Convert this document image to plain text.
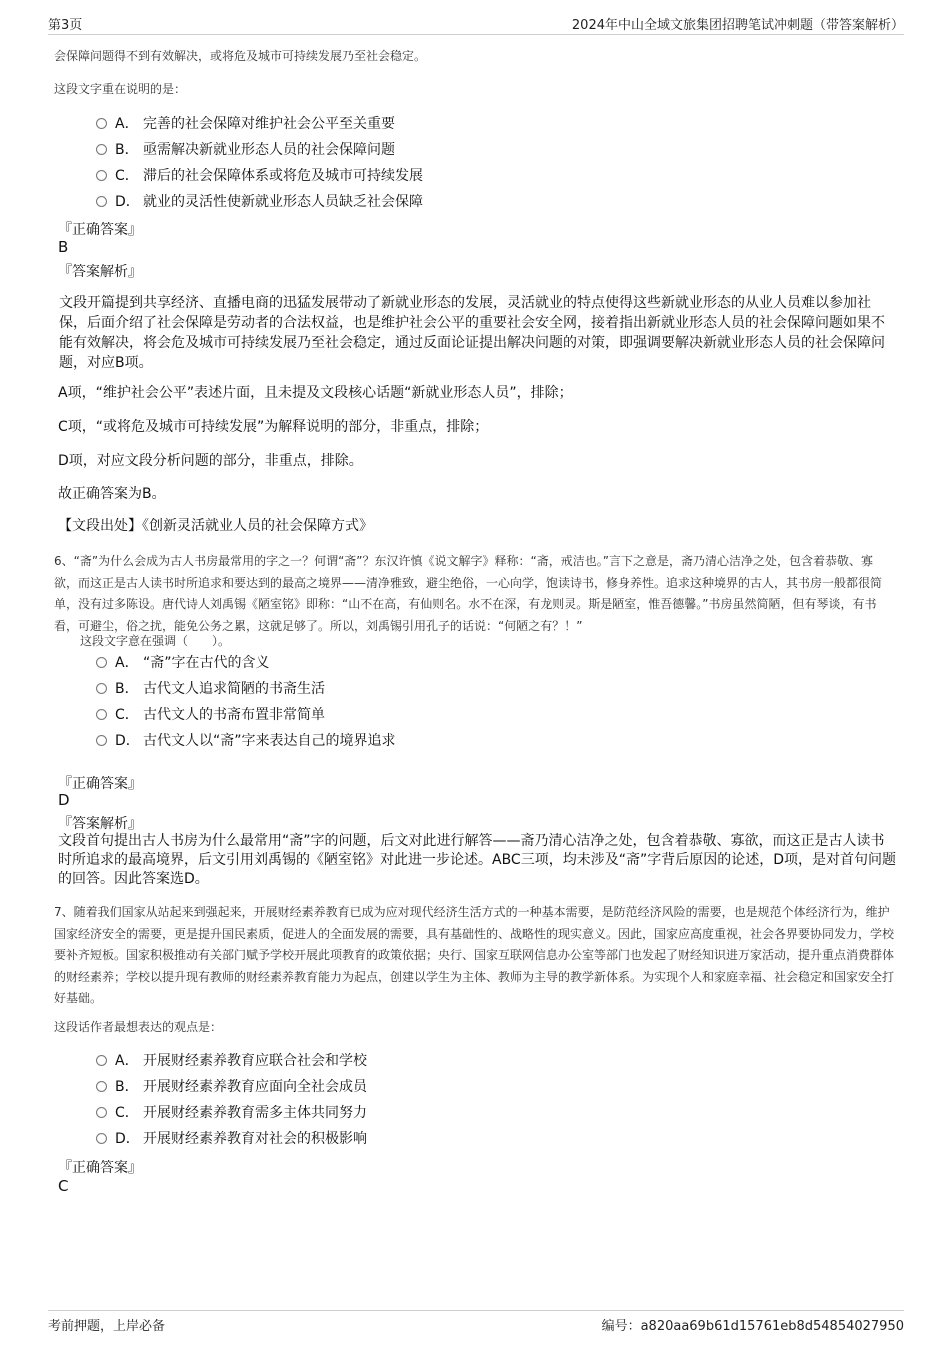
第3页	2024年中山全域文旅集团招聘笔试冲刺题（带答案解析）
会保障问题得不到有效解决，或将危及城市可持续发展乃至社会稳定。
这段文字重在说明的是：
A． 完善的社会保障对维护社会公平至关重要
B． 亟需解决新就业形态人员的社会保障问题
C． 滞后的社会保障体系或将危及城市可持续发展
D． 就业的灵活性使新就业形态人员缺乏社会保障
『正确答案』
B
『答案解析』
文段开篇提到共享经济、直播电商的迅猛发展带动了新就业形态的发展，灵活就业的特点使得这些新就业形态的从业人员难以参加社保，后面介绍了社会保障是劳动者的合法权益，也是维护社会公平的重要社会安全网，接着指出新就业形态人员的社会保障问题如果不能有效解决，将会危及城市可持续发展乃至社会稳定，通过反面论证提出解决问题的对策，即强调要解决新就业形态人员的社会保障问题，对应B项。
A项，“维护社会公平”表述片面，且未提及文段核心话题“新就业形态人员”，排除；
C项，“或将危及城市可持续发展”为解释说明的部分，非重点，排除；
D项，对应文段分析问题的部分，非重点，排除。
故正确答案为B。
【文段出处】《创新灵活就业人员的社会保障方式》
6、“斋”为什么会成为古人书房最常用的字之一？何谓“斋”？东汉许慎《说文解字》释称：“斋，戒洁也。”言下之意是，斋乃清心洁净之处，包含着恭敬、寡欲，而这正是古人读书时所追求和要达到的最高之境界——清净雅致，避尘绝俗，一心向学，饱读诗书，修身养性。追求这种境界的古人，其书房一般都很简单，没有过多陈设。唐代诗人刘禹锡《陋室铭》即称：“山不在高，有仙则名。水不在深，有龙则灵。斯是陋室，惟吾德馨。”书房虽然简陋，但有琴谈，有书看，可避尘，俗之扰，能免公务之累，这就足够了。所以，刘禹锡引用孔子的话说：“何陋之有？！”
这段文字意在强调（　　）。
A． “斋”字在古代的含义
B． 古代文人追求简陋的书斋生活
C． 古代文人的书斋布置非常简单
D． 古代文人以“斋”字来表达自己的境界追求
『正确答案』
D
『答案解析』
文段首句提出古人书房为什么最常用“斋”字的问题，后文对此进行解答——斋乃清心洁净之处，包含着恭敬、寡欲，而这正是古人读书时所追求的最高境界，后文引用刘禹锡的《陋室铭》对此进一步论述。ABC三项，均未涉及“斋”字背后原因的论述，D项，是对首句问题的回答。因此答案选D。
7、随着我们国家从站起来到强起来，开展财经素养教育已成为应对现代经济生活方式的一种基本需要，是防范经济风险的需要，也是规范个体经济行为，维护国家经济安全的需要，更是提升国民素质，促进人的全面发展的需要，具有基础性的、战略性的现实意义。因此，国家应高度重视，社会各界要协同发力，学校要补齐短板。国家积极推动有关部门赋予学校开展此项教育的政策依据；央行、国家互联网信息办公室等部门也发起了财经知识进万家活动，提升重点消费群体的财经素养；学校以提升现有教师的财经素养教育能力为起点，创建以学生为主体、教师为主导的教学新体系。为实现个人和家庭幸福、社会稳定和国家安全打好基础。
这段话作者最想表达的观点是：
A． 开展财经素养教育应联合社会和学校
B． 开展财经素养教育应面向全社会成员
C． 开展财经素养教育需多主体共同努力
D． 开展财经素养教育对社会的积极影响
『正确答案』
C
考前押题，上岸必备	编号：a820aa69b61d15761eb8d54854027950
